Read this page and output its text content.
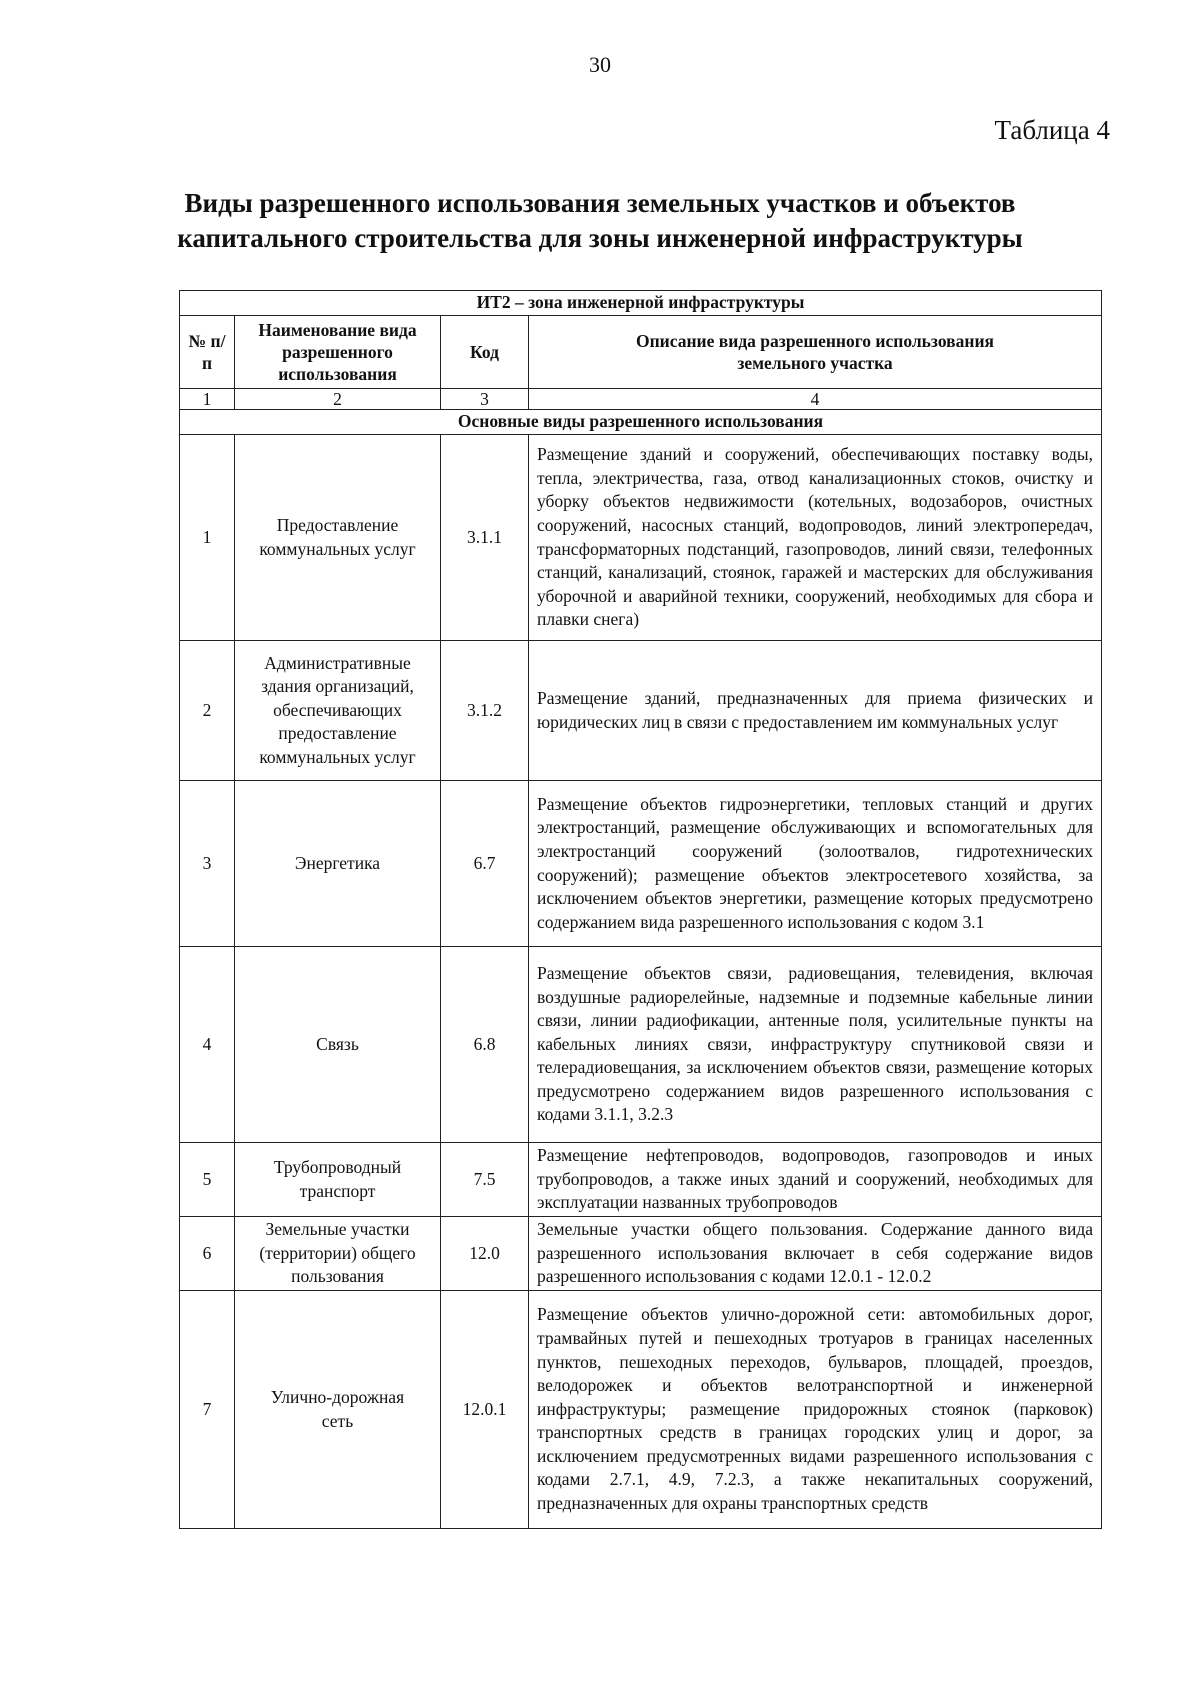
30
Таблица 4
Виды разрешенного использования земельных участков и объектов
капитального строительства для зоны инженерной инфраструктуры
ИТ2 – зона инженерной инфраструктуры			
№ п/п	Наименование вида разрешенного использования	Код	Описание вида разрешенного использования земельного участка
1	2	3	4
Основные виды разрешенного использования			
1	Предоставление коммунальных услуг	3.1.1	Размещение зданий и сооружений, обеспечивающих поставку воды, тепла, электричества, газа, отвод канализационных стоков, очистку и уборку объектов недвижимости (котельных, водозаборов, очистных сооружений, насосных станций, водопроводов, линий электропередач, трансформаторных подстанций, газопроводов, линий связи, телефонных станций, канализаций, стоянок, гаражей и мастерских для обслуживания уборочной и аварийной техники, сооружений, необходимых для сбора и плавки снега)
2	Административные здания организаций, обеспечивающих предоставление коммунальных услуг	3.1.2	Размещение зданий, предназначенных для приема физических и юридических лиц в связи с предоставлением им коммунальных услуг
3	Энергетика	6.7	Размещение объектов гидроэнергетики, тепловых станций и других электростанций, размещение обслуживающих и вспомогательных для электростанций сооружений (золоотвалов, гидротехнических сооружений); размещение объектов электросетевого хозяйства, за исключением объектов энергетики, размещение которых предусмотрено содержанием вида разрешенного использования с кодом 3.1
4	Связь	6.8	Размещение объектов связи, радиовещания, телевидения, включая воздушные радиорелейные, надземные и подземные кабельные линии связи, линии радиофикации, антенные поля, усилительные пункты на кабельных линиях связи, инфраструктуру спутниковой связи и телерадиовещания, за исключением объектов связи, размещение которых предусмотрено содержанием видов разрешенного использования с кодами 3.1.1, 3.2.3
5	Трубопроводный транспорт	7.5	Размещение нефтепроводов, водопроводов, газопроводов и иных трубопроводов, а также иных зданий и сооружений, необходимых для эксплуатации названных трубопроводов
6	Земельные участки (территории) общего пользования	12.0	Земельные участки общего пользования. Содержание данного вида разрешенного использования включает в себя содержание видов разрешенного использования с кодами 12.0.1 - 12.0.2
7	Улично-дорожная сеть	12.0.1	Размещение объектов улично-дорожной сети: автомобильных дорог, трамвайных путей и пешеходных тротуаров в границах населенных пунктов, пешеходных переходов, бульваров, площадей, проездов, велодорожек и объектов велотранспортной и инженерной инфраструктуры; размещение придорожных стоянок (парковок) транспортных средств в границах городских улиц и дорог, за исключением предусмотренных видами разрешенного использования с кодами 2.7.1, 4.9, 7.2.3, а также некапитальных сооружений, предназначенных для охраны транспортных средств
